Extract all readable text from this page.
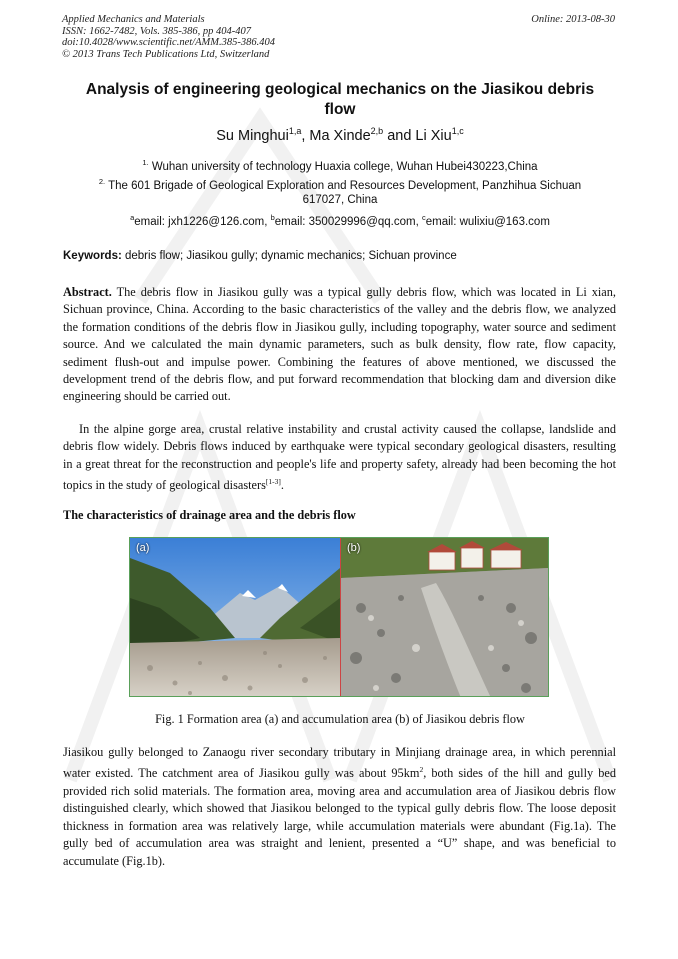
Applied Mechanics and Materials
ISSN: 1662-7482, Vols. 385-386, pp 404-407
doi:10.4028/www.scientific.net/AMM.385-386.404
© 2013 Trans Tech Publications Ltd, Switzerland
Online: 2013-08-30
Analysis of engineering geological mechanics on the Jiasikou debris
flow
Su Minghui$^{1,a}$, Ma Xinde$^{2,b}$ and Li Xiu$^{1,c}$
$^{1.}$ Wuhan university of technology Huaxia college, Wuhan Hubei430223,China
$^{2.}$ The 601 Brigade of Geological Exploration and Resources Development, Panzhihua Sichuan
617027, China
$^a$email: jxh1226@126.com, $^b$email: 350029996@qq.com, $^c$email: wulixiu@163.com
Keywords: debris flow; Jiasikou gully; dynamic mechanics; Sichuan province
Abstract. The debris flow in Jiasikou gully was a typical gully debris flow, which was located in Li xian, Sichuan province, China. According to the basic characteristics of the valley and the debris flow, we analyzed the formation conditions of the debris flow in Jiasikou gully, including topography, water source and sediment source. And we calculated the main dynamic parameters, such as bulk density, flow rate, flow capacity, sediment flush-out and impulse power. Combining the features of above mentioned, we discussed the development trend of the debris flow, and put forward recommendation that blocking dam and diversion dike engineering should be carried out.
In the alpine gorge area, crustal relative instability and crustal activity caused the collapse, landslide and debris flow widely. Debris flows induced by earthquake were typical secondary geological disasters, resulting in a great threat for the reconstruction and people's life and property safety, already had been becoming the hot topics in the study of geological disasters[1-3].
The characteristics of drainage area and the debris flow
(a)	(b)
Fig. 1 Formation area (a) and accumulation area (b) of Jiasikou debris flow
Jiasikou gully belonged to Zanaogu river secondary tributary in Minjiang drainage area, in which perennial water existed. The catchment area of Jiasikou gully was about $95km^2$, both sides of the hill and gully bed provided rich solid materials. The formation area, moving area and accumulation area of Jiasikou debris flow distinguished clearly, which showed that Jiasikou belonged to the typical gully debris flow. The loose deposit thickness in formation area was relatively large, while accumulation materials were abundant (Fig.1a). The gully bed of accumulation area was straight and lenient, presented a “U” shape, and was beneficial to accumulate (Fig.1b).
